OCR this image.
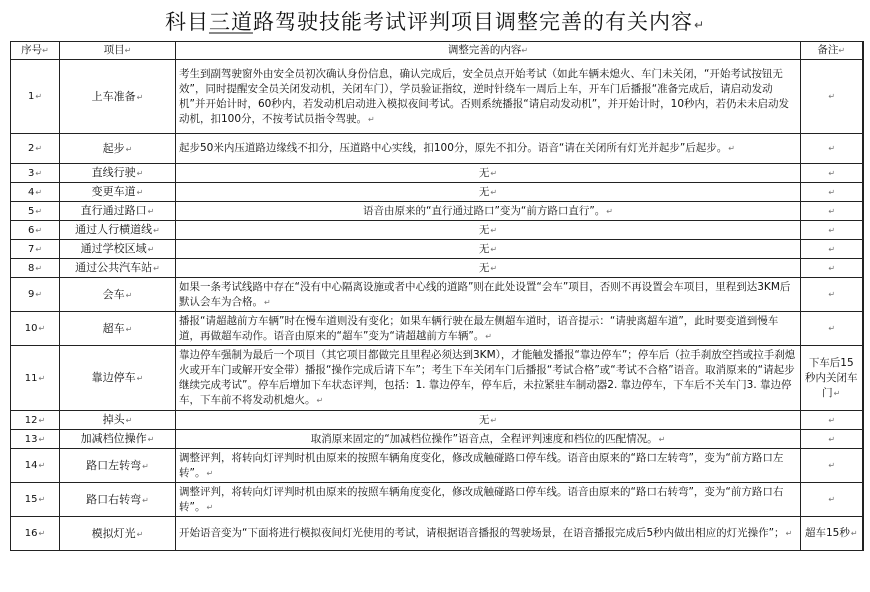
科目三道路驾驶技能考试评判项目调整完善的有关内容↵
序号↵	项目↵	调整完善的内容↵	备注↵
1↵	上车准备↵	考生到副驾驶窗外由安全员初次确认身份信息，确认完成后，安全员点开始考试（如此车辆未熄火、车门未关闭，“开始考试按钮无效”，同时提醒安全员关闭发动机，关闭车门），学员验证指纹，逆时针绕车一周后上车，开车门后播报“准备完成后，请启动发动机”并开始计时，60秒内，若发动机启动进入模拟夜间考试。否则系统播报“请启动发动机”，并开始计时，10秒内，若仍未未启动发动机，扣100分，不按考试员指令驾驶。↵	↵
2↵	起步↵	起步50米内压道路边缘线不扣分，压道路中心实线，扣100分，原先不扣分。语音“请在关闭所有灯光并起步”后起步。↵	↵
3↵	直线行驶↵	无↵	↵
4↵	变更车道↵	无↵	↵
5↵	直行通过路口↵	语音由原来的“直行通过路口”变为“前方路口直行”。↵	↵
6↵	通过人行横道线↵	无↵	↵
7↵	通过学校区域↵	无↵	↵
8↵	通过公共汽车站↵	无↵	↵
9↵	会车↵	如果一条考试线路中存在“没有中心隔离设施或者中心线的道路”则在此处设置“会车”项目，否则不再设置会车项目，里程到达3KM后默认会车为合格。↵	↵
10↵	超车↵	播报“请超越前方车辆”时在慢车道则没有变化；如果车辆行驶在最左侧超车道时，语音提示：“请驶离超车道”，此时要变道到慢车道，再做超车动作。语音由原来的“超车”变为“请超越前方车辆”。↵	↵
11↵	靠边停车↵	靠边停车强制为最后一个项目（其它项目都做完且里程必须达到3KM），才能触发播报“靠边停车”；停车后（拉手刹放空挡或拉手刹熄火或开车门或解开安全带）播报“操作完成后请下车”；考生下车关闭车门后播报“考试合格”或“考试不合格”语音。取消原来的“请起步继续完成考试”。停车后增加下车状态评判，包括：1. 靠边停车，停车后，未拉紧驻车制动器2. 靠边停车，下车后不关车门3. 靠边停车，下车前不将发动机熄火。↵	下车后15秒内关闭车门↵
12↵	掉头↵	无↵	↵
13↵	加减档位操作↵	取消原来固定的“加减档位操作”语音点，全程评判速度和档位的匹配情况。↵	↵
14↵	路口左转弯↵	调整评判，将转向灯评判时机由原来的按照车辆角度变化，修改成触碰路口停车线。语音由原来的“路口左转弯”，变为“前方路口左转”。↵	↵
15↵	路口右转弯↵	调整评判，将转向灯评判时机由原来的按照车辆角度变化，修改成触碰路口停车线。语音由原来的“路口右转弯”，变为“前方路口右转”。↵	↵
16↵	模拟灯光↵	开始语音变为“下面将进行模拟夜间灯光使用的考试，请根据语音播报的驾驶场景，在语音播报完成后5秒内做出相应的灯光操作”；↵	超车15秒↵
